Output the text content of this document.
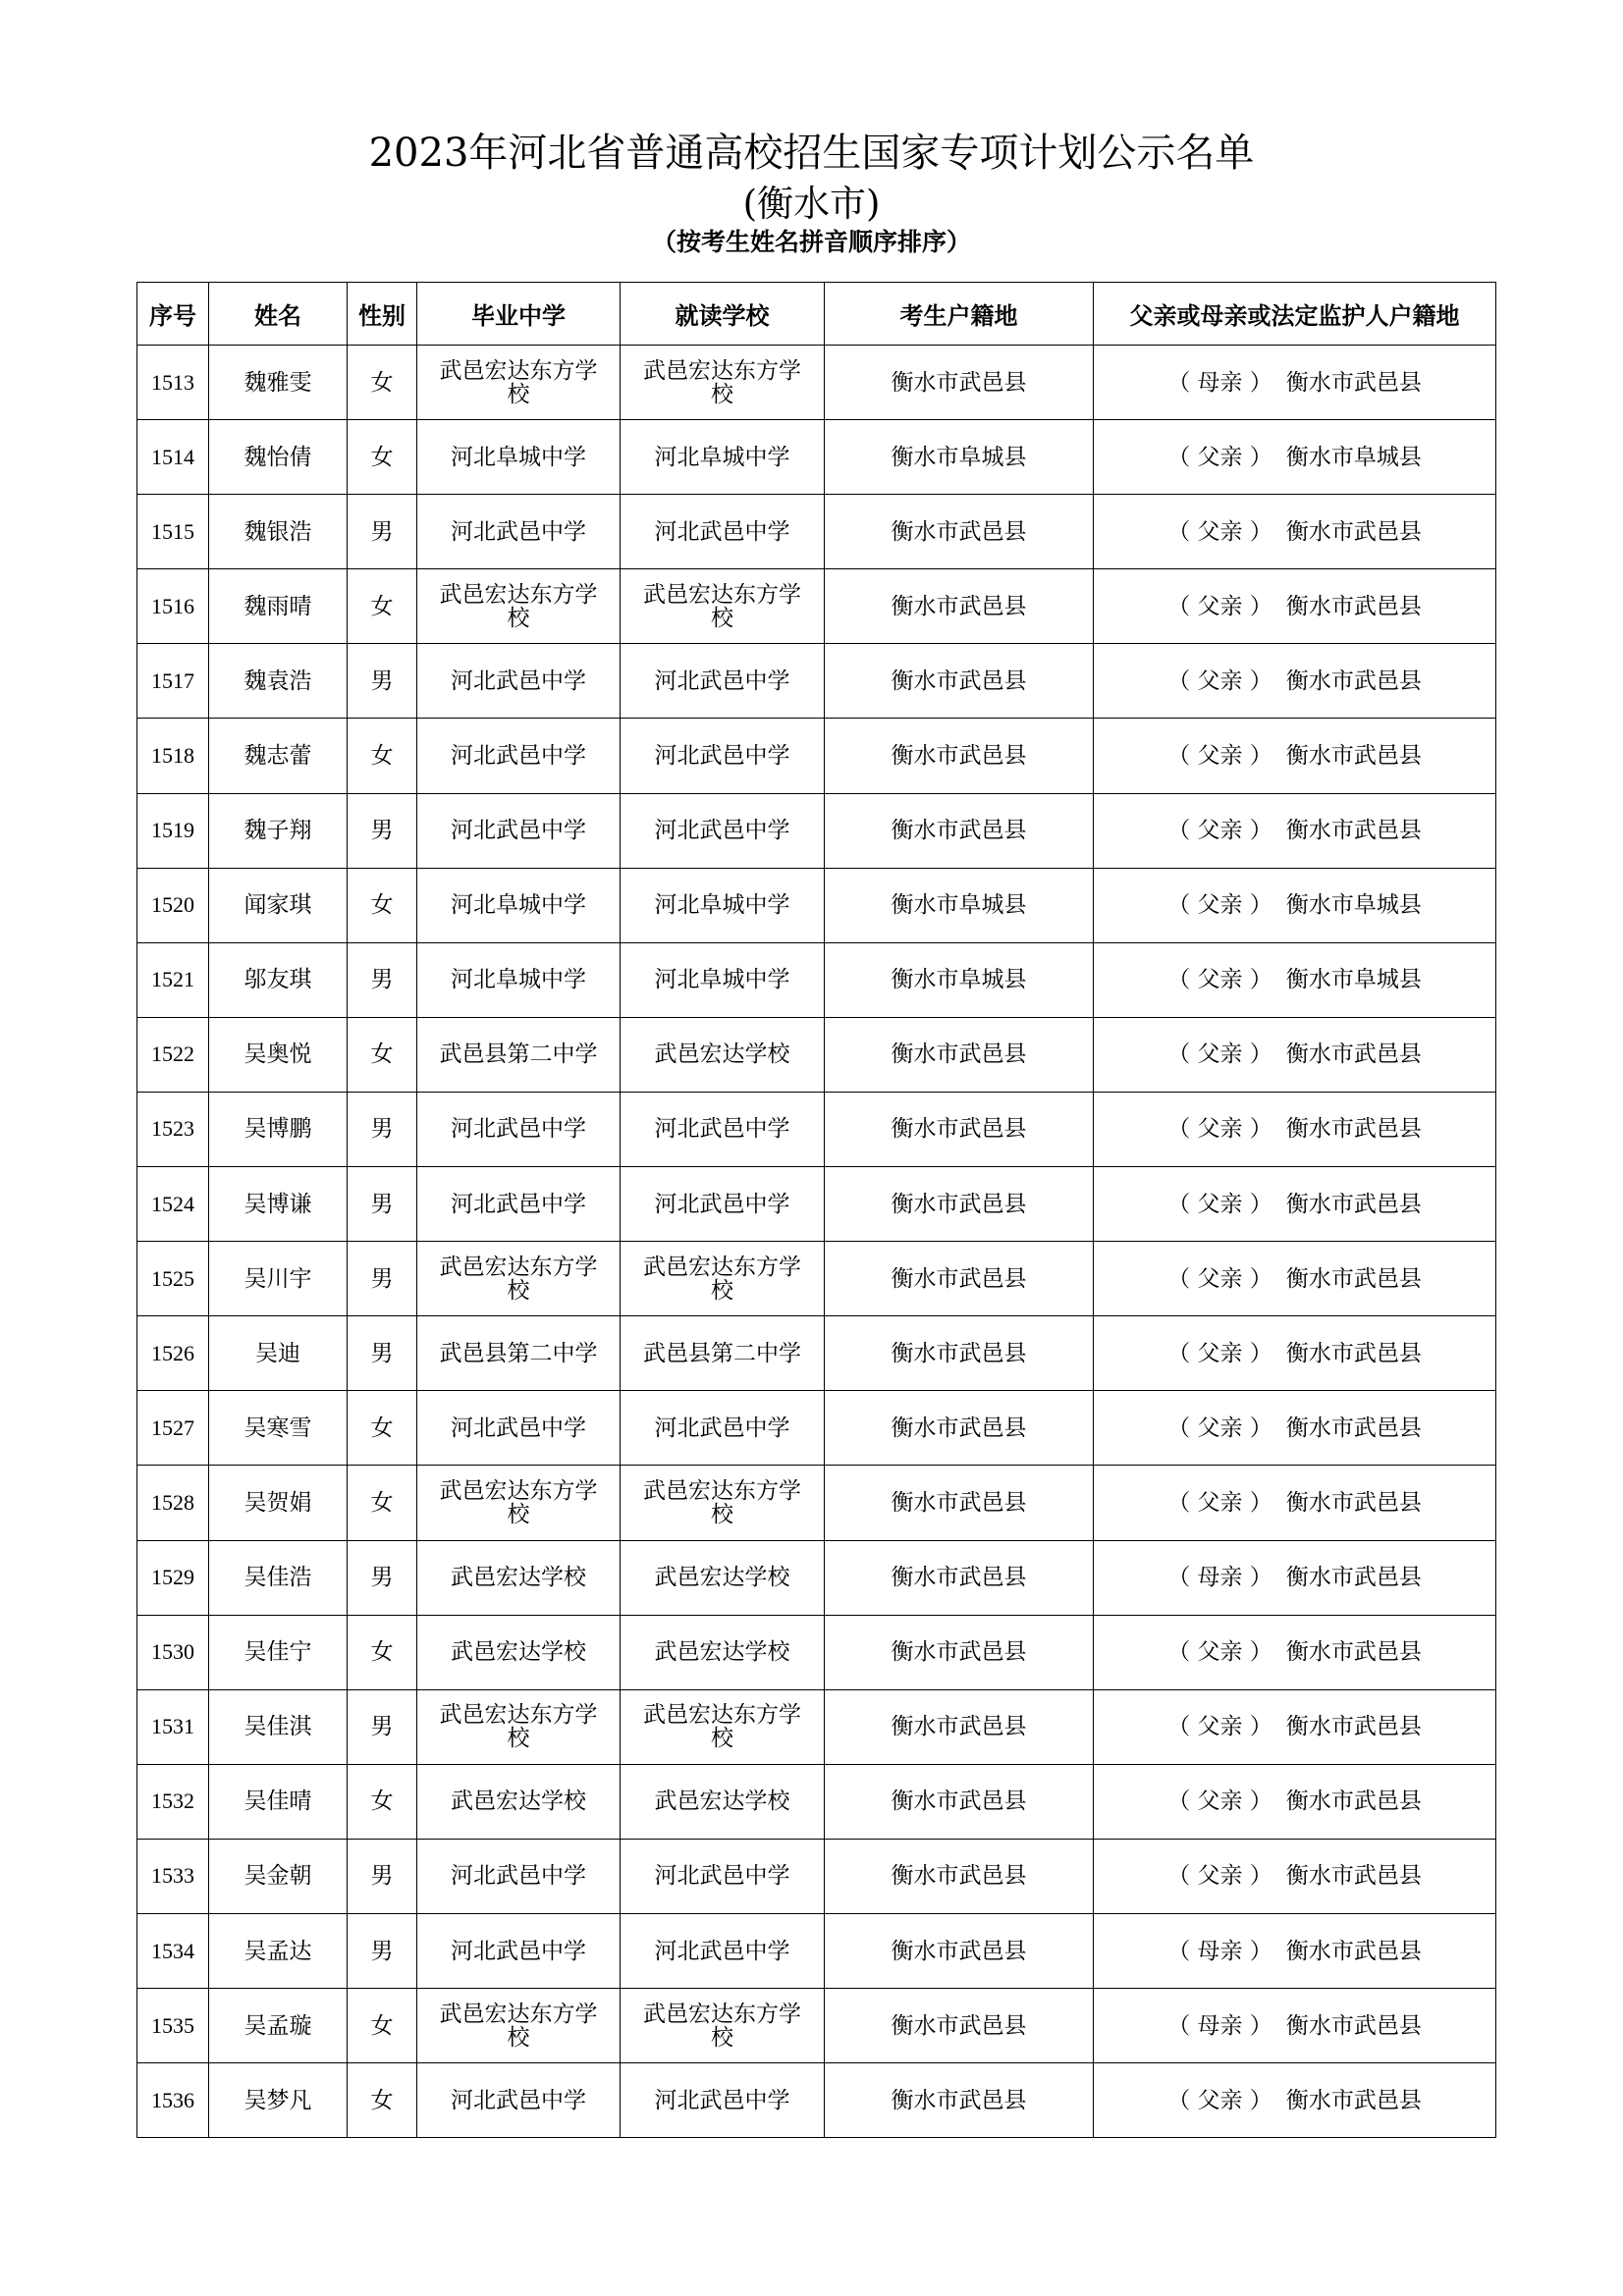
2023年河北省普通高校招生国家专项计划公示名单
(衡水市)
（按考生姓名拼音顺序排序）
序号	姓名	性别	毕业中学	就读学校	考生户籍地	父亲或母亲或法定监护人户籍地
1513	魏雅雯	女	武邑宏达东方学校	武邑宏达东方学校	衡水市武邑县	（ 母亲 ） 衡水市武邑县
1514	魏怡倩	女	河北阜城中学	河北阜城中学	衡水市阜城县	（ 父亲 ） 衡水市阜城县
1515	魏银浩	男	河北武邑中学	河北武邑中学	衡水市武邑县	（ 父亲 ） 衡水市武邑县
1516	魏雨晴	女	武邑宏达东方学校	武邑宏达东方学校	衡水市武邑县	（ 父亲 ） 衡水市武邑县
1517	魏袁浩	男	河北武邑中学	河北武邑中学	衡水市武邑县	（ 父亲 ） 衡水市武邑县
1518	魏志蕾	女	河北武邑中学	河北武邑中学	衡水市武邑县	（ 父亲 ） 衡水市武邑县
1519	魏子翔	男	河北武邑中学	河北武邑中学	衡水市武邑县	（ 父亲 ） 衡水市武邑县
1520	闻家琪	女	河北阜城中学	河北阜城中学	衡水市阜城县	（ 父亲 ） 衡水市阜城县
1521	邬友琪	男	河北阜城中学	河北阜城中学	衡水市阜城县	（ 父亲 ） 衡水市阜城县
1522	吴奥悦	女	武邑县第二中学	武邑宏达学校	衡水市武邑县	（ 父亲 ） 衡水市武邑县
1523	吴博鹏	男	河北武邑中学	河北武邑中学	衡水市武邑县	（ 父亲 ） 衡水市武邑县
1524	吴博谦	男	河北武邑中学	河北武邑中学	衡水市武邑县	（ 父亲 ） 衡水市武邑县
1525	吴川宇	男	武邑宏达东方学校	武邑宏达东方学校	衡水市武邑县	（ 父亲 ） 衡水市武邑县
1526	吴迪	男	武邑县第二中学	武邑县第二中学	衡水市武邑县	（ 父亲 ） 衡水市武邑县
1527	吴寒雪	女	河北武邑中学	河北武邑中学	衡水市武邑县	（ 父亲 ） 衡水市武邑县
1528	吴贺娟	女	武邑宏达东方学校	武邑宏达东方学校	衡水市武邑县	（ 父亲 ） 衡水市武邑县
1529	吴佳浩	男	武邑宏达学校	武邑宏达学校	衡水市武邑县	（ 母亲 ） 衡水市武邑县
1530	吴佳宁	女	武邑宏达学校	武邑宏达学校	衡水市武邑县	（ 父亲 ） 衡水市武邑县
1531	吴佳淇	男	武邑宏达东方学校	武邑宏达东方学校	衡水市武邑县	（ 父亲 ） 衡水市武邑县
1532	吴佳晴	女	武邑宏达学校	武邑宏达学校	衡水市武邑县	（ 父亲 ） 衡水市武邑县
1533	吴金朝	男	河北武邑中学	河北武邑中学	衡水市武邑县	（ 父亲 ） 衡水市武邑县
1534	吴孟达	男	河北武邑中学	河北武邑中学	衡水市武邑县	（ 母亲 ） 衡水市武邑县
1535	吴孟璇	女	武邑宏达东方学校	武邑宏达东方学校	衡水市武邑县	（ 母亲 ） 衡水市武邑县
1536	吴梦凡	女	河北武邑中学	河北武邑中学	衡水市武邑县	（ 父亲 ） 衡水市武邑县
